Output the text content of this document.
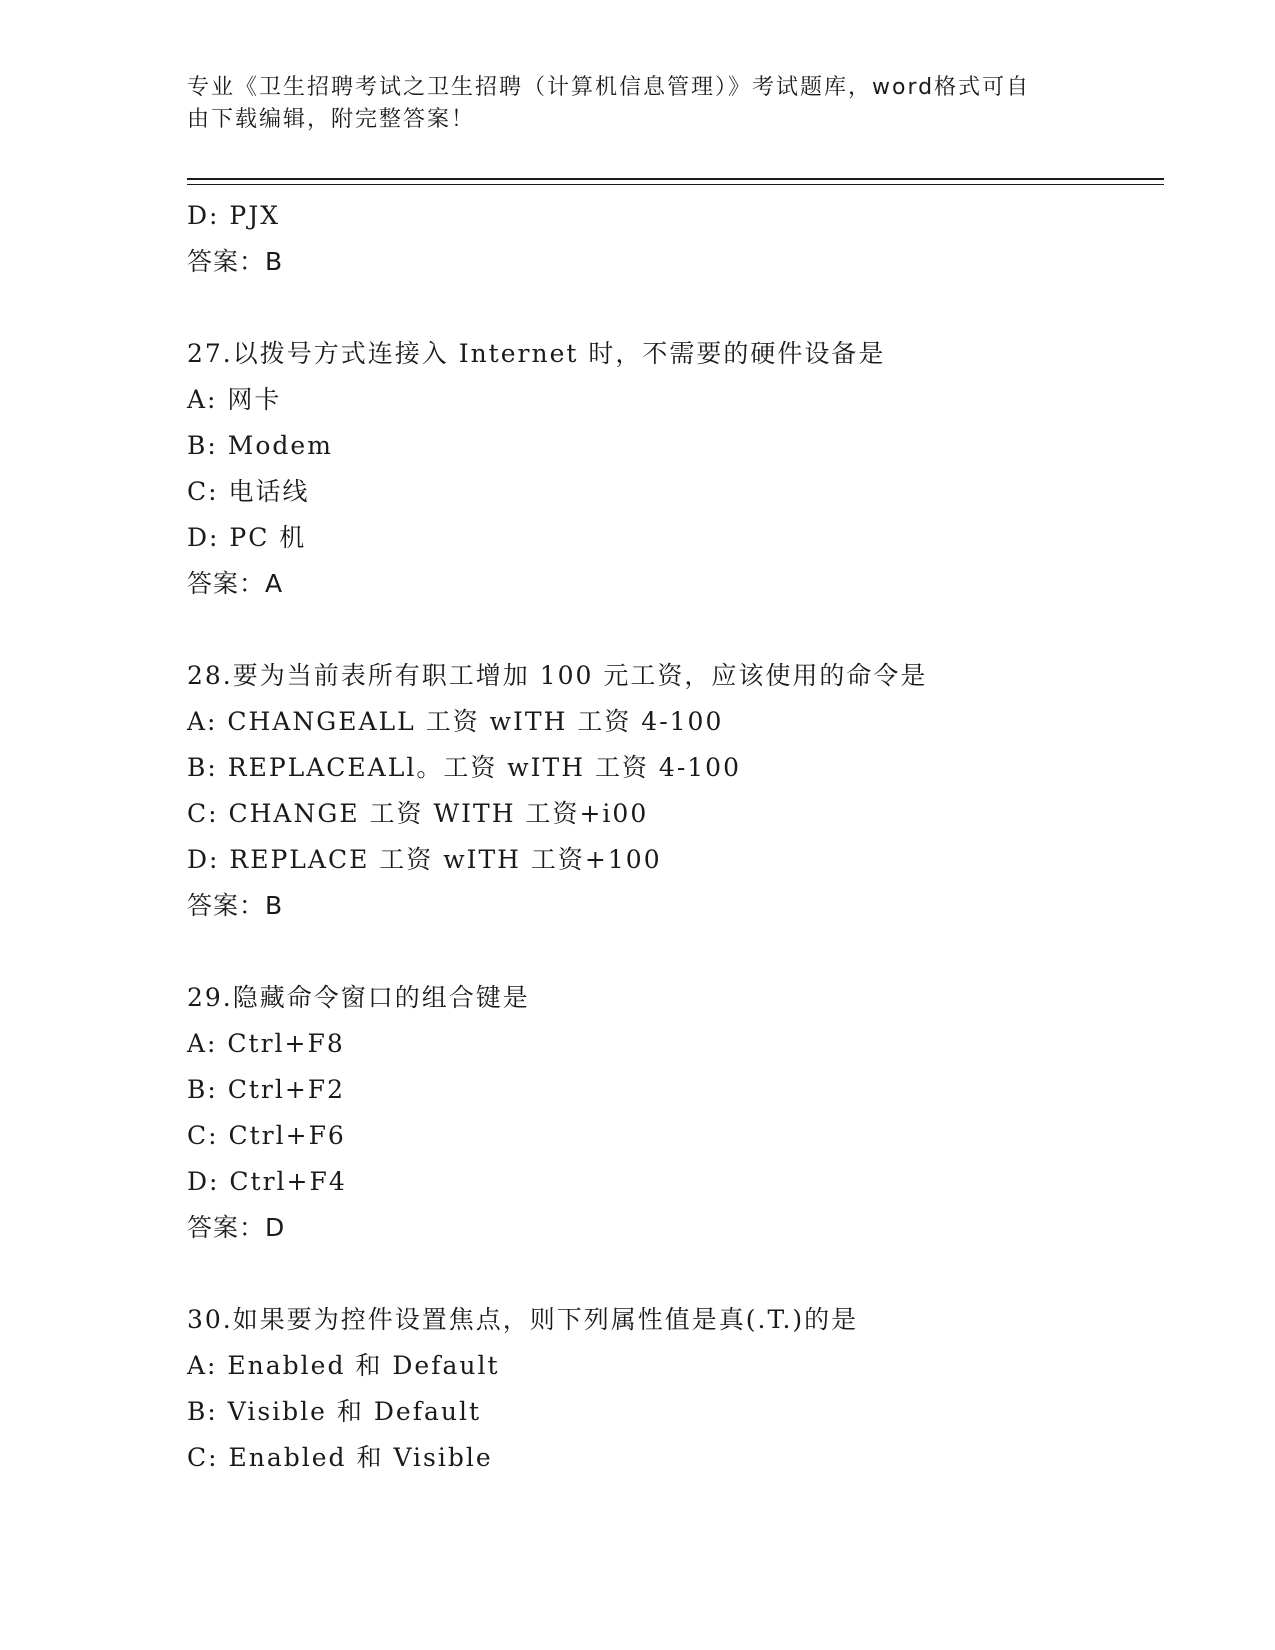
专业《卫生招聘考试之卫生招聘（计算机信息管理）》考试题库，word格式可自
由下载编辑，附完整答案！
D: PJX
答案：B
27.以拨号方式连接入 Internet 时，不需要的硬件设备是
A: 网卡
B: Modem
C: 电话线
D: PC 机
答案：A
28.要为当前表所有职工增加 100 元工资，应该使用的命令是
A: CHANGEALL 工资 wITH 工资 4-100
B: REPLACEALl。工资 wITH 工资 4-100
C: CHANGE 工资 WITH 工资+i00
D: REPLACE 工资 wITH 工资+100
答案：B
29.隐藏命令窗口的组合键是
A: Ctrl+F8
B: Ctrl+F2
C: Ctrl+F6
D: Ctrl+F4
答案：D
30.如果要为控件设置焦点，则下列属性值是真(.T.)的是
A: Enabled 和 Default
B: Visible 和 Default
C: Enabled 和 Visible
